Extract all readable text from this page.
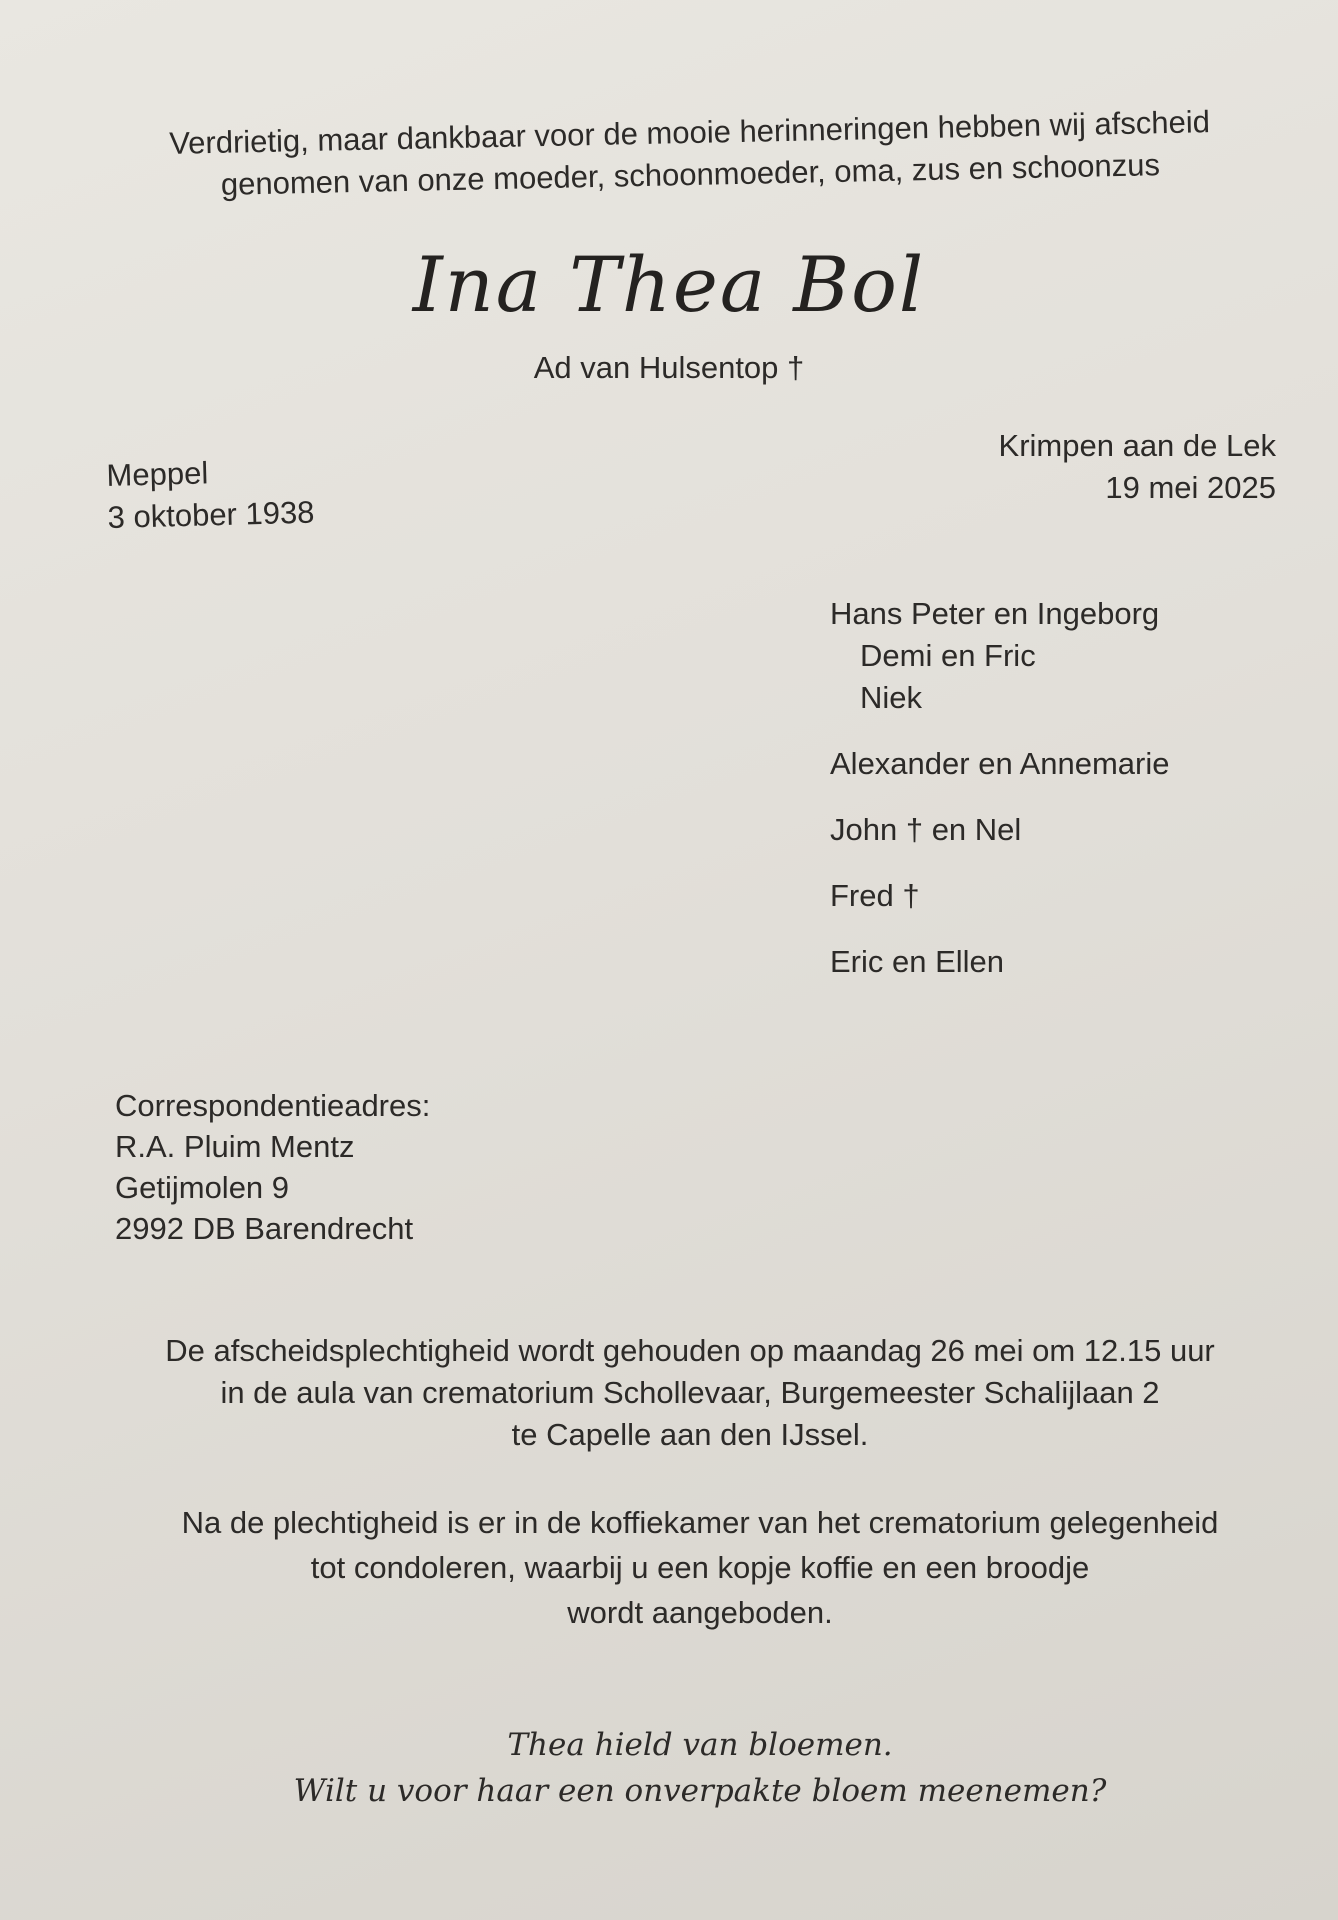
Verdrietig, maar dankbaar voor de mooie herinneringen hebben wij afscheid
genomen van onze moeder, schoonmoeder, oma, zus en schoonzus
Ina Thea Bol
Ad van Hulsentop †
Meppel
3 oktober 1938
Krimpen aan de Lek
19 mei 2025
Hans Peter en Ingeborg
Demi en Fric
Niek
Alexander en Annemarie
John † en Nel
Fred †
Eric en Ellen
Correspondentieadres:
R.A. Pluim Mentz
Getijmolen 9
2992 DB Barendrecht
De afscheidsplechtigheid wordt gehouden op maandag 26 mei om 12.15 uur
in de aula van crematorium Schollevaar, Burgemeester Schalijlaan 2
te Capelle aan den IJssel.
Na de plechtigheid is er in de koffiekamer van het crematorium gelegenheid
tot condoleren, waarbij u een kopje koffie en een broodje
wordt aangeboden.
Thea hield van bloemen.
Wilt u voor haar een onverpakte bloem meenemen?
